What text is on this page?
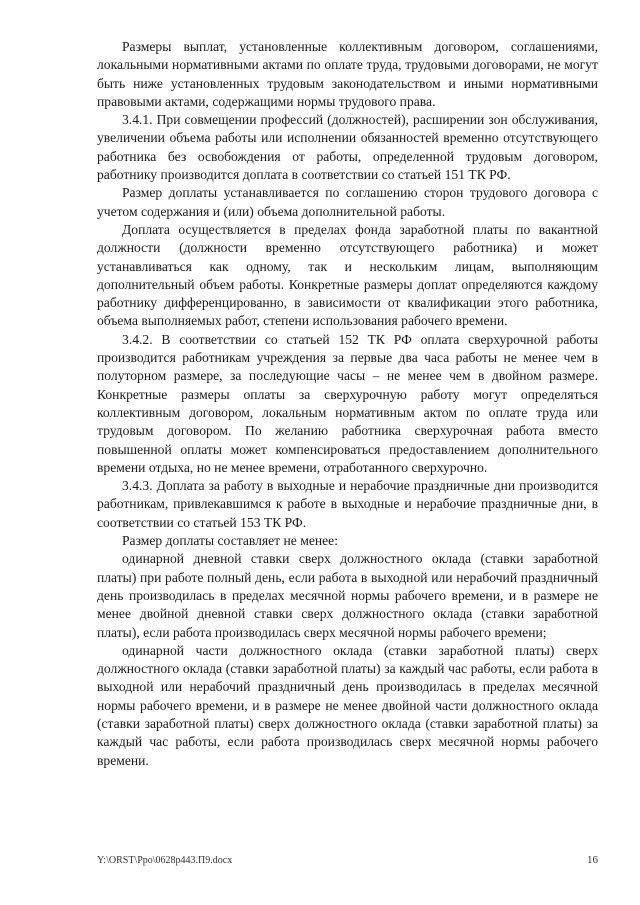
Размеры выплат, установленные коллективным договором, соглашениями, локальными нормативными актами по оплате труда, трудовыми договорами, не могут быть ниже установленных трудовым законодательством и иными нормативными правовыми актами, содержащими нормы трудового права.

3.4.1. При совмещении профессий (должностей), расширении зон обслуживания, увеличении объема работы или исполнении обязанностей временно отсутствующего работника без освобождения от работы, определенной трудовым договором, работнику производится доплата в соответствии со статьей 151 ТК РФ.

Размер доплаты устанавливается по соглашению сторон трудового договора с учетом содержания и (или) объема дополнительной работы.

Доплата осуществляется в пределах фонда заработной платы по вакантной должности (должности временно отсутствующего работника) и может устанавливаться как одному, так и нескольким лицам, выполняющим дополнительный объем работы. Конкретные размеры доплат определяются каждому работнику дифференцированно, в зависимости от квалификации этого работника, объема выполняемых работ, степени использования рабочего времени.

3.4.2. В соответствии со статьей 152 ТК РФ оплата сверхурочной работы производится работникам учреждения за первые два часа работы не менее чем в полуторном размере, за последующие часы – не менее чем в двойном размере. Конкретные размеры оплаты за сверхурочную работу могут определяться коллективным договором, локальным нормативным актом по оплате труда или трудовым договором. По желанию работника сверхурочная работа вместо повышенной оплаты может компенсироваться предоставлением дополнительного времени отдыха, но не менее времени, отработанного сверхурочно.

3.4.3. Доплата за работу в выходные и нерабочие праздничные дни производится работникам, привлекавшимся к работе в выходные и нерабочие праздничные дни, в соответствии со статьей 153 ТК РФ.

Размер доплаты составляет не менее:

одинарной дневной ставки сверх должностного оклада (ставки заработной платы) при работе полный день, если работа в выходной или нерабочий праздничный день производилась в пределах месячной нормы рабочего времени, и в размере не менее двойной дневной ставки сверх должностного оклада (ставки заработной платы), если работа производилась сверх месячной нормы рабочего времени;

одинарной части должностного оклада (ставки заработной платы) сверх должностного оклада (ставки заработной платы) за каждый час работы, если работа в выходной или нерабочий праздничный день производилась в пределах месячной нормы рабочего времени, и в размере не менее двойной части должностного оклада (ставки заработной платы) сверх должностного оклада (ставки заработной платы) за каждый час работы, если работа производилась сверх месячной нормы рабочего времени.

Y:\ORST\Ppo\0628p443.П9.docx	16
